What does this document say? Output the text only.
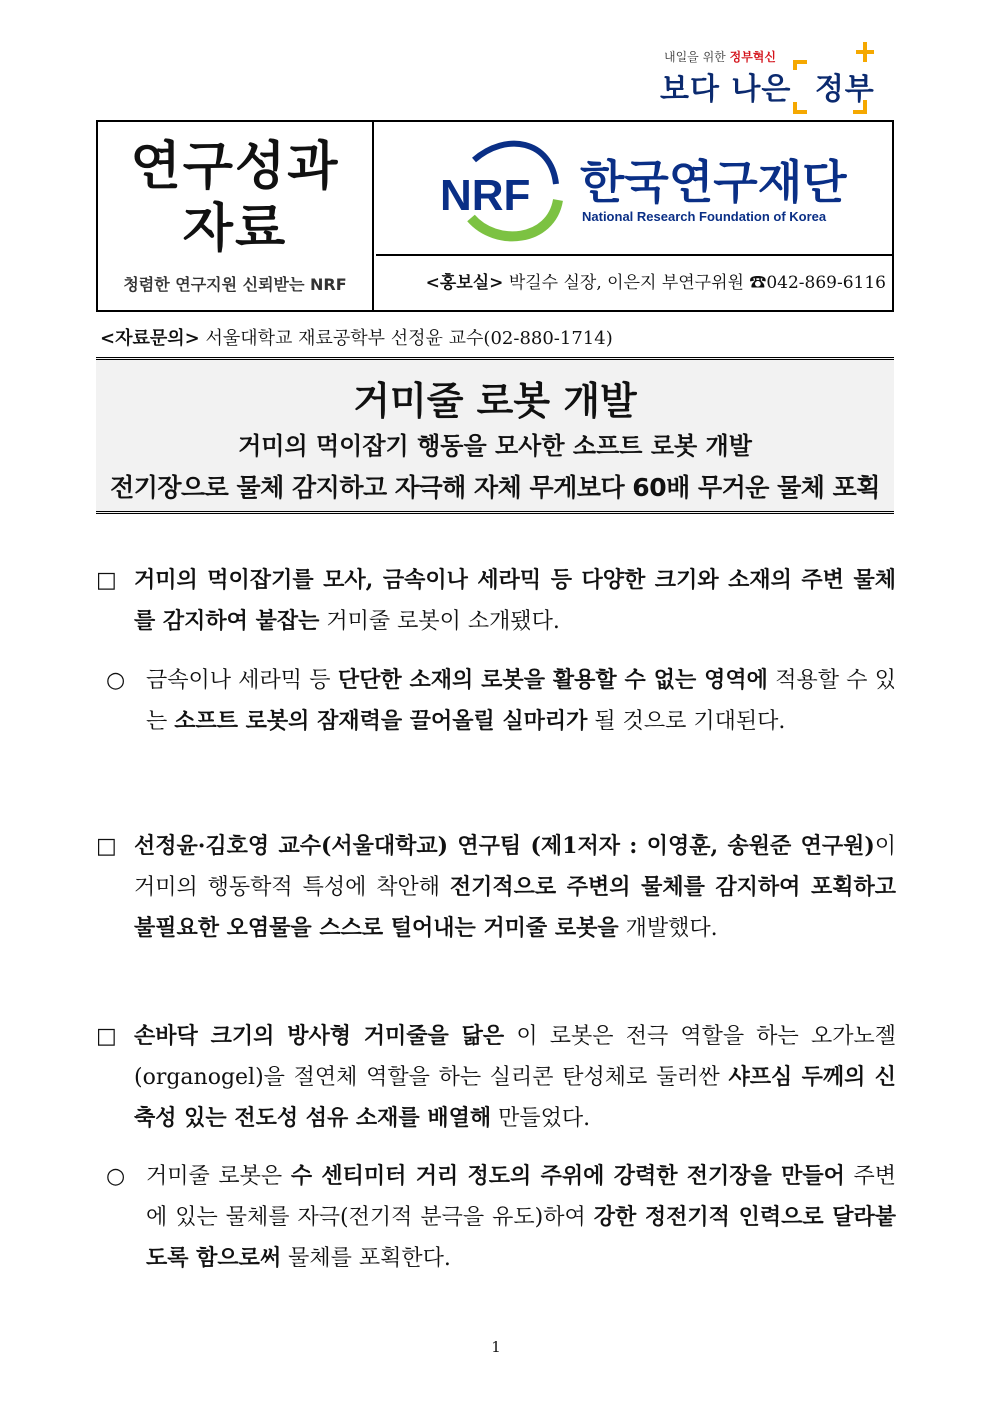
내일을 위한 정부혁신
보다 나은 정부
연구성과
자료
청렴한 연구지원 신뢰받는 NRF
NRF 한국연구재단
National Research Foundation of Korea
<홍보실> 박길수 실장, 이은지 부연구위원 ☎042-869-6116
<자료문의> 서울대학교 재료공학부 선정윤 교수(02-880-1714)
거미줄 로봇 개발
거미의 먹이잡기 행동을 모사한 소프트 로봇 개발
전기장으로 물체 감지하고 자극해 자체 무게보다 60배 무거운 물체 포획
□ 거미의 먹이잡기를 모사, 금속이나 세라믹 등 다양한 크기와 소재의 주변 물체를 감지하여 붙잡는 거미줄 로봇이 소개됐다.
○ 금속이나 세라믹 등 단단한 소재의 로봇을 활용할 수 없는 영역에 적용할 수 있는 소프트 로봇의 잠재력을 끌어올릴 실마리가 될 것으로 기대된다.
□ 선정윤·김호영 교수(서울대학교) 연구팀 (제1저자 : 이영훈, 송원준 연구원)이 거미의 행동학적 특성에 착안해 전기적으로 주변의 물체를 감지하여 포획하고 불필요한 오염물을 스스로 털어내는 거미줄 로봇을 개발했다.
□ 손바닥 크기의 방사형 거미줄을 닮은 이 로봇은 전극 역할을 하는 오가노젤(organogel)을 절연체 역할을 하는 실리콘 탄성체로 둘러싼 샤프심 두께의 신축성 있는 전도성 섬유 소재를 배열해 만들었다.
○ 거미줄 로봇은 수 센티미터 거리 정도의 주위에 강력한 전기장을 만들어 주변에 있는 물체를 자극(전기적 분극을 유도)하여 강한 정전기적 인력으로 달라붙도록 함으로써 물체를 포획한다.
1
